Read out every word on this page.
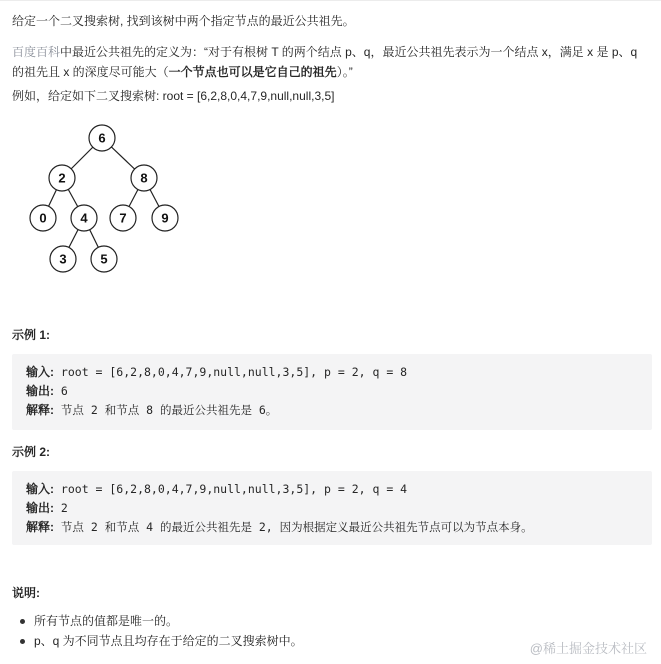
给定一个二叉搜索树, 找到该树中两个指定节点的最近公共祖先。

百度百科中最近公共祖先的定义为：“对于有根树 T 的两个结点 p、q，最近公共祖先表示为一个结点 x，满足 x 是 p、q 的祖先且 x 的深度尽可能大（一个节点也可以是它自己的祖先）。”

例如，给定如下二叉搜索树: root = [6,2,8,0,4,7,9,null,null,3,5]

6
2	8
0	4 7	9
3	5

示例 1:

输入: root = [6,2,8,0,4,7,9,null,null,3,5], p = 2, q = 8
输出: 6
解释: 节点 2 和节点 8 的最近公共祖先是 6。

示例 2:

输入: root = [6,2,8,0,4,7,9,null,null,3,5], p = 2, q = 4
输出: 2
解释: 节点 2 和节点 4 的最近公共祖先是 2, 因为根据定义最近公共祖先节点可以为节点本身。

说明:

所有节点的值都是唯一的。
p、q 为不同节点且均存在于给定的二叉搜索树中。
@稀土掘金技术社区
